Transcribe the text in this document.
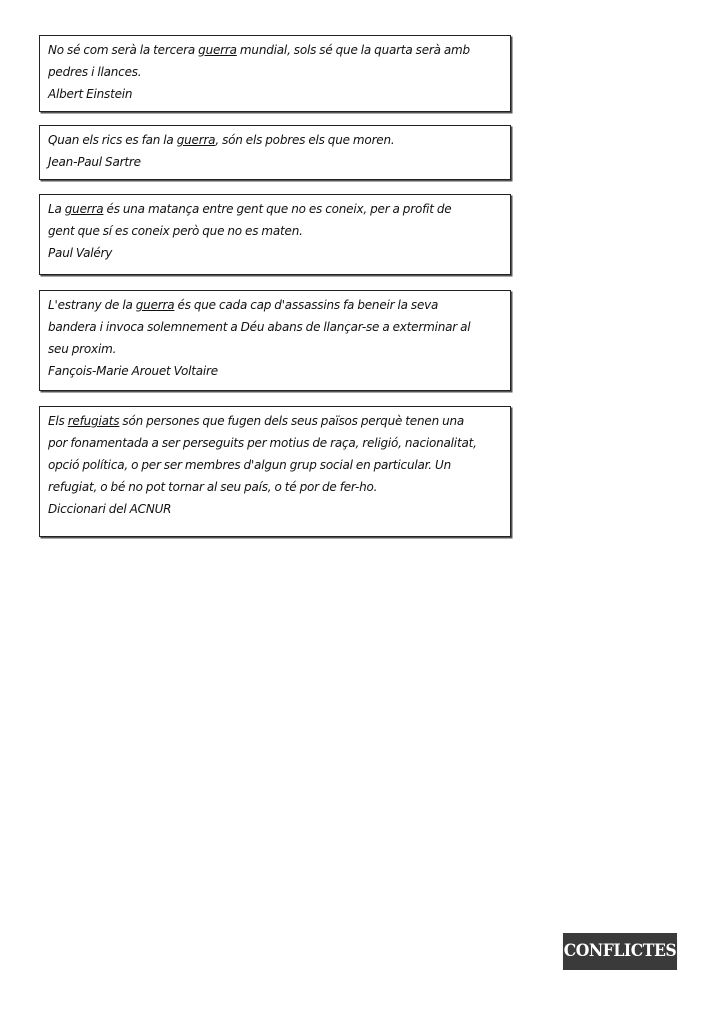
No sé com serà la tercera guerra mundial, sols sé que la quarta serà amb
pedres i llances.
Albert Einstein
Quan els rics es fan la guerra, són els pobres els que moren.
Jean-Paul Sartre
La guerra és una matança entre gent que no es coneix, per a profit de
gent que sí es coneix però que no es maten.
Paul Valéry
L'estrany de la guerra és que cada cap d'assassins fa beneir la seva
bandera i invoca solemnement a Déu abans de llançar-se a exterminar al
seu proxim.
Fançois-Marie Arouet Voltaire
Els refugiats són persones que fugen dels seus països perquè tenen una
por fonamentada a ser perseguits per motius de raça, religió, nacionalitat,
opció política, o per ser membres d'algun grup social en particular. Un
refugiat, o bé no pot tornar al seu país, o té por de fer-ho.
Diccionari del ACNUR
CONFLICTES
